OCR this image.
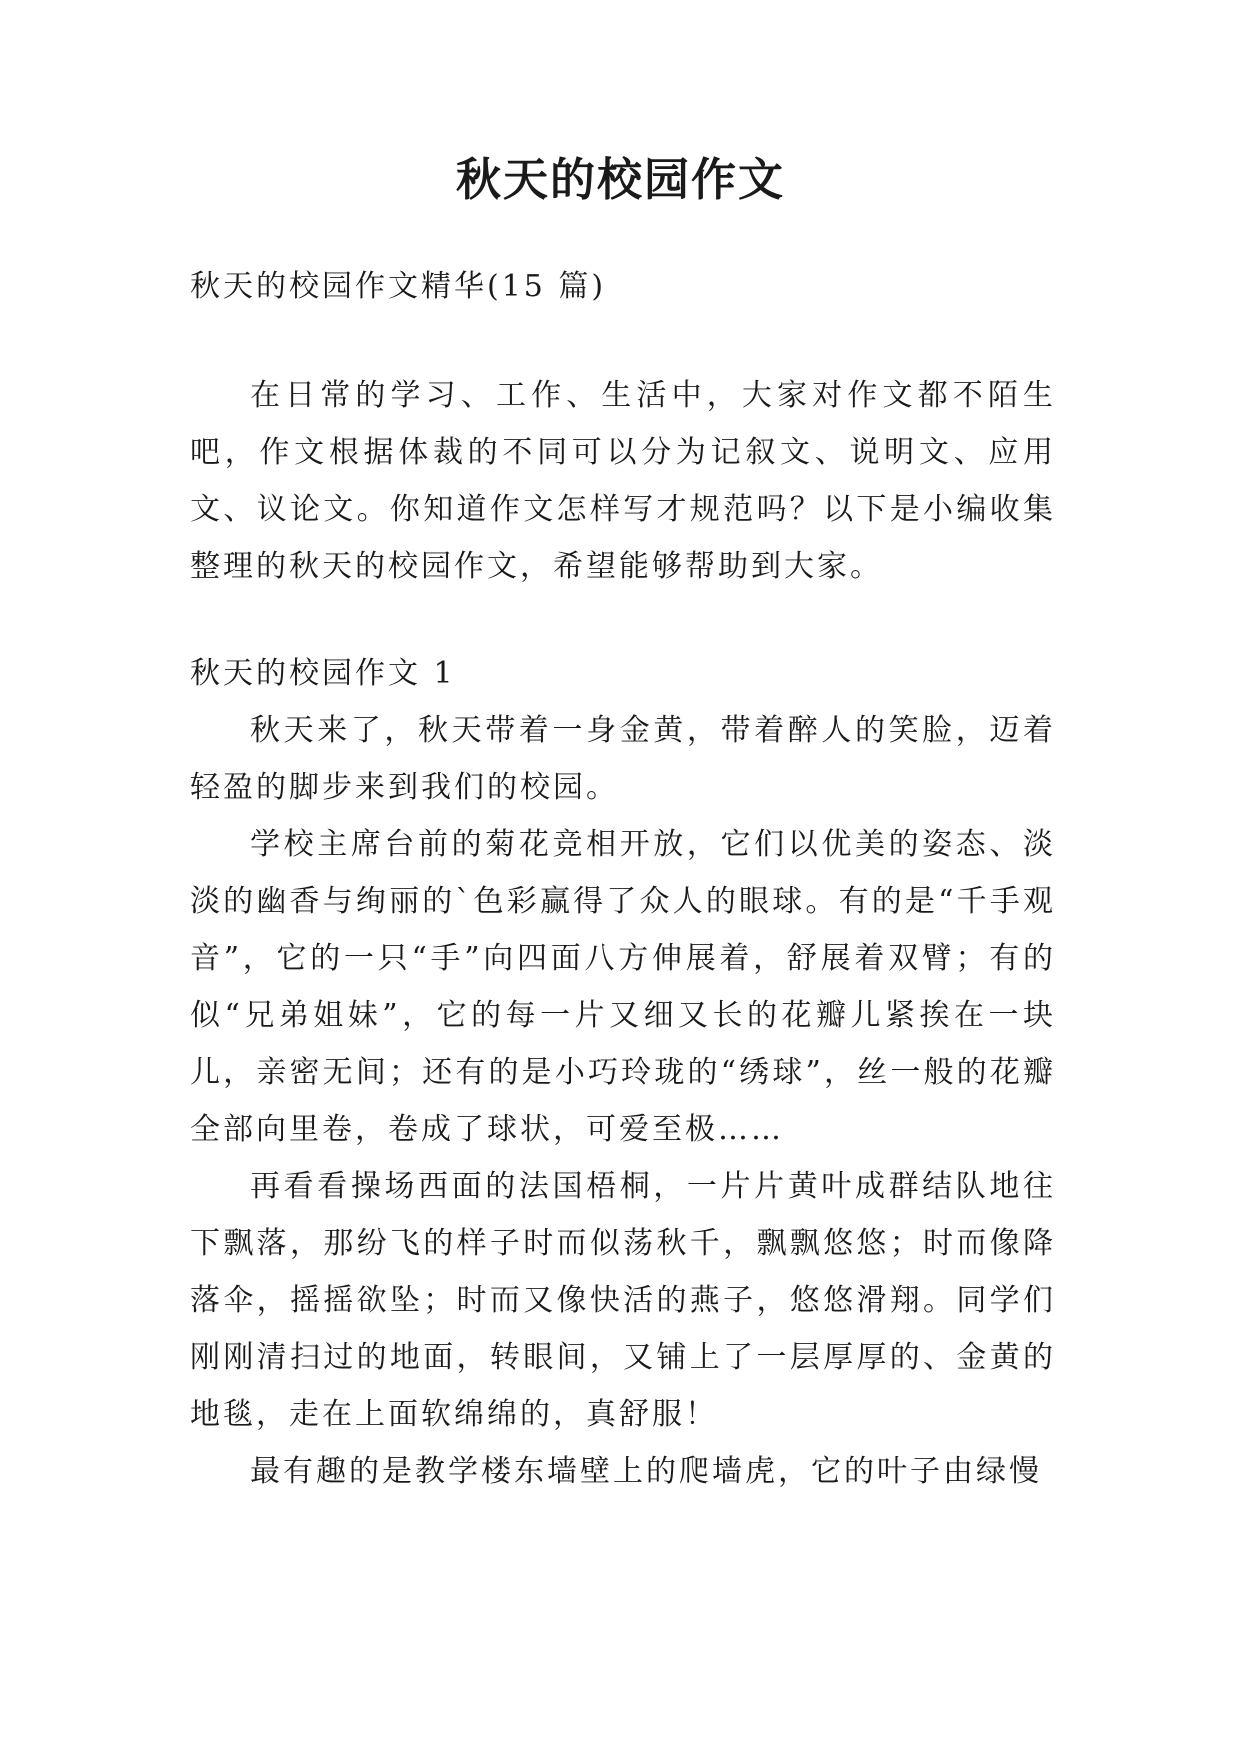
秋天的校园作文

秋天的校园作文精华(15 篇)

在日常的学习、工作、生活中，大家对作文都不陌生吧，作文根据体裁的不同可以分为记叙文、说明文、应用文、议论文。你知道作文怎样写才规范吗？以下是小编收集整理的秋天的校园作文，希望能够帮助到大家。

秋天的校园作文 1

秋天来了，秋天带着一身金黄，带着醉人的笑脸，迈着轻盈的脚步来到我们的校园。

学校主席台前的菊花竞相开放，它们以优美的姿态、淡淡的幽香与绚丽的`色彩赢得了众人的眼球。有的是“千手观音”，它的一只“手”向四面八方伸展着，舒展着双臂；有的似“兄弟姐妹”，它的每一片又细又长的花瓣儿紧挨在一块儿，亲密无间；还有的是小巧玲珑的“绣球”，丝一般的花瓣全部向里卷，卷成了球状，可爱至极……

再看看操场西面的法国梧桐，一片片黄叶成群结队地往下飘落，那纷飞的样子时而似荡秋千，飘飘悠悠；时而像降落伞，摇摇欲坠；时而又像快活的燕子，悠悠滑翔。同学们刚刚清扫过的地面，转眼间，又铺上了一层厚厚的、金黄的地毯，走在上面软绵绵的，真舒服！

最有趣的是教学楼东墙壁上的爬墙虎，它的叶子由绿慢
